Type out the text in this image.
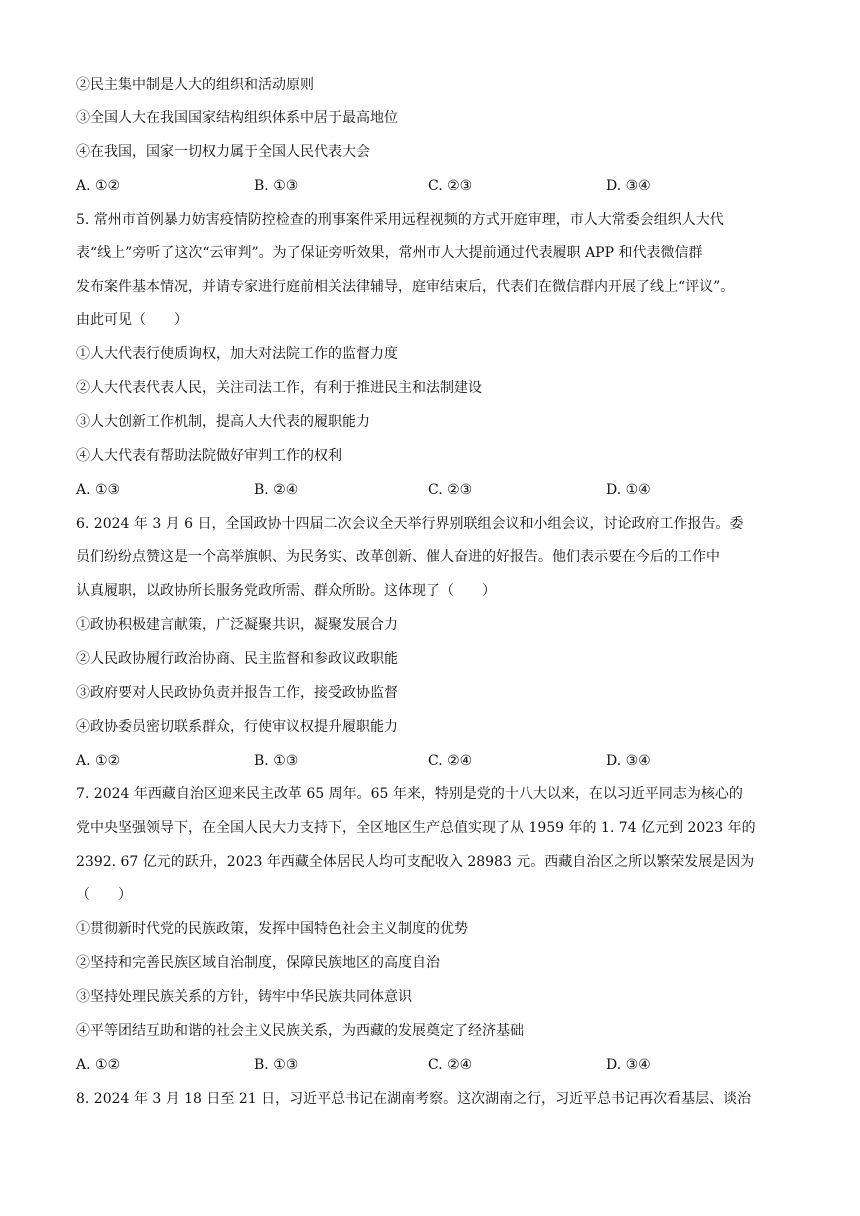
②民主集中制是人大的组织和活动原则
③全国人大在我国国家结构组织体系中居于最高地位
④在我国，国家一切权力属于全国人民代表大会
A. ①②	B. ①③	C. ②③	D. ③④
5. 常州市首例暴力妨害疫情防控检查的刑事案件采用远程视频的方式开庭审理，市人大常委会组织人大代
表“线上”旁听了这次“云审判”。为了保证旁听效果，常州市人大提前通过代表履职 APP 和代表微信群
发布案件基本情况，并请专家进行庭前相关法律辅导，庭审结束后，代表们在微信群内开展了线上“评议”。
由此可见（　　）
①人大代表行使质询权，加大对法院工作的监督力度
②人大代表代表人民，关注司法工作，有利于推进民主和法制建设
③人大创新工作机制，提高人大代表的履职能力
④人大代表有帮助法院做好审判工作的权利
A. ①③	B. ②④	C. ②③	D. ①④
6. 2024 年 3 月 6 日，全国政协十四届二次会议全天举行界别联组会议和小组会议，讨论政府工作报告。委
员们纷纷点赞这是一个高举旗帜、为民务实、改革创新、催人奋进的好报告。他们表示要在今后的工作中
认真履职，以政协所长服务党政所需、群众所盼。这体现了（　　）
①政协积极建言献策，广泛凝聚共识，凝聚发展合力
②人民政协履行政治协商、民主监督和参政议政职能
③政府要对人民政协负责并报告工作，接受政协监督
④政协委员密切联系群众，行使审议权提升履职能力
A. ①②	B. ①③	C. ②④	D. ③④
7. 2024 年西藏自治区迎来民主改革 65 周年。65 年来，特别是党的十八大以来，在以习近平同志为核心的
党中央坚强领导下，在全国人民大力支持下，全区地区生产总值实现了从 1959 年的 1. 74 亿元到 2023 年的
2392. 67 亿元的跃升，2023 年西藏全体居民人均可支配收入 28983 元。西藏自治区之所以繁荣发展是因为
（　　）
①贯彻新时代党的民族政策，发挥中国特色社会主义制度的优势
②坚持和完善民族区域自治制度，保障民族地区的高度自治
③坚持处理民族关系的方针，铸牢中华民族共同体意识
④平等团结互助和谐的社会主义民族关系，为西藏的发展奠定了经济基础
A. ①②	B. ①③	C. ②④	D. ③④
8. 2024 年 3 月 18 日至 21 日，习近平总书记在湖南考察。这次湖南之行，习近平总书记再次看基层、谈治
